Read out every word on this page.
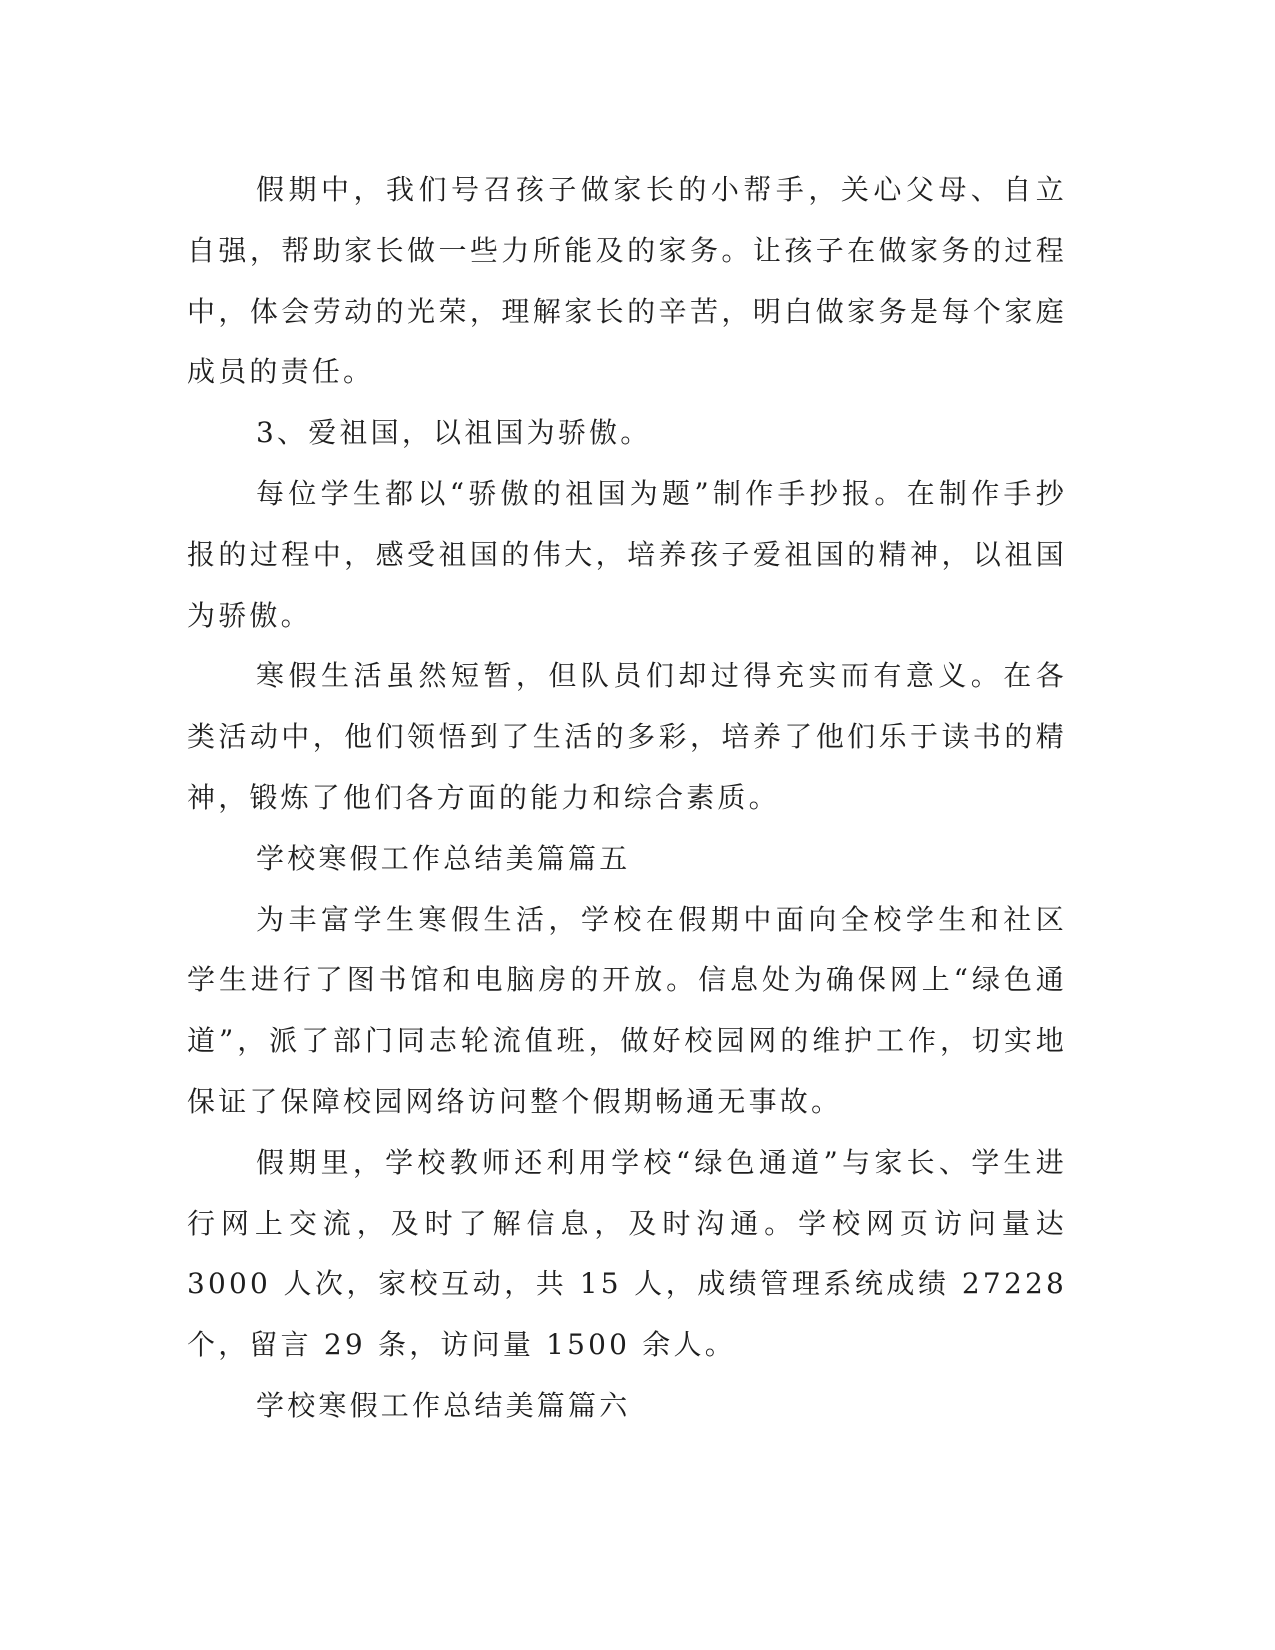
假期中，我们号召孩子做家长的小帮手，关心父母、自立自强，帮助家长做一些力所能及的家务。让孩子在做家务的过程中，体会劳动的光荣，理解家长的辛苦，明白做家务是每个家庭成员的责任。

3、爱祖国，以祖国为骄傲。

每位学生都以“骄傲的祖国为题”制作手抄报。在制作手抄报的过程中，感受祖国的伟大，培养孩子爱祖国的精神，以祖国为骄傲。

寒假生活虽然短暂，但队员们却过得充实而有意义。在各类活动中，他们领悟到了生活的多彩，培养了他们乐于读书的精神，锻炼了他们各方面的能力和综合素质。

学校寒假工作总结美篇篇五

为丰富学生寒假生活，学校在假期中面向全校学生和社区学生进行了图书馆和电脑房的开放。信息处为确保网上“绿色通道”，派了部门同志轮流值班，做好校园网的维护工作，切实地保证了保障校园网络访问整个假期畅通无事故。

假期里，学校教师还利用学校“绿色通道”与家长、学生进行网上交流，及时了解信息，及时沟通。学校网页访问量达 3000 人次，家校互动，共 15 人，成绩管理系统成绩 27228 个，留言 29 条，访问量 1500 余人。

学校寒假工作总结美篇篇六
